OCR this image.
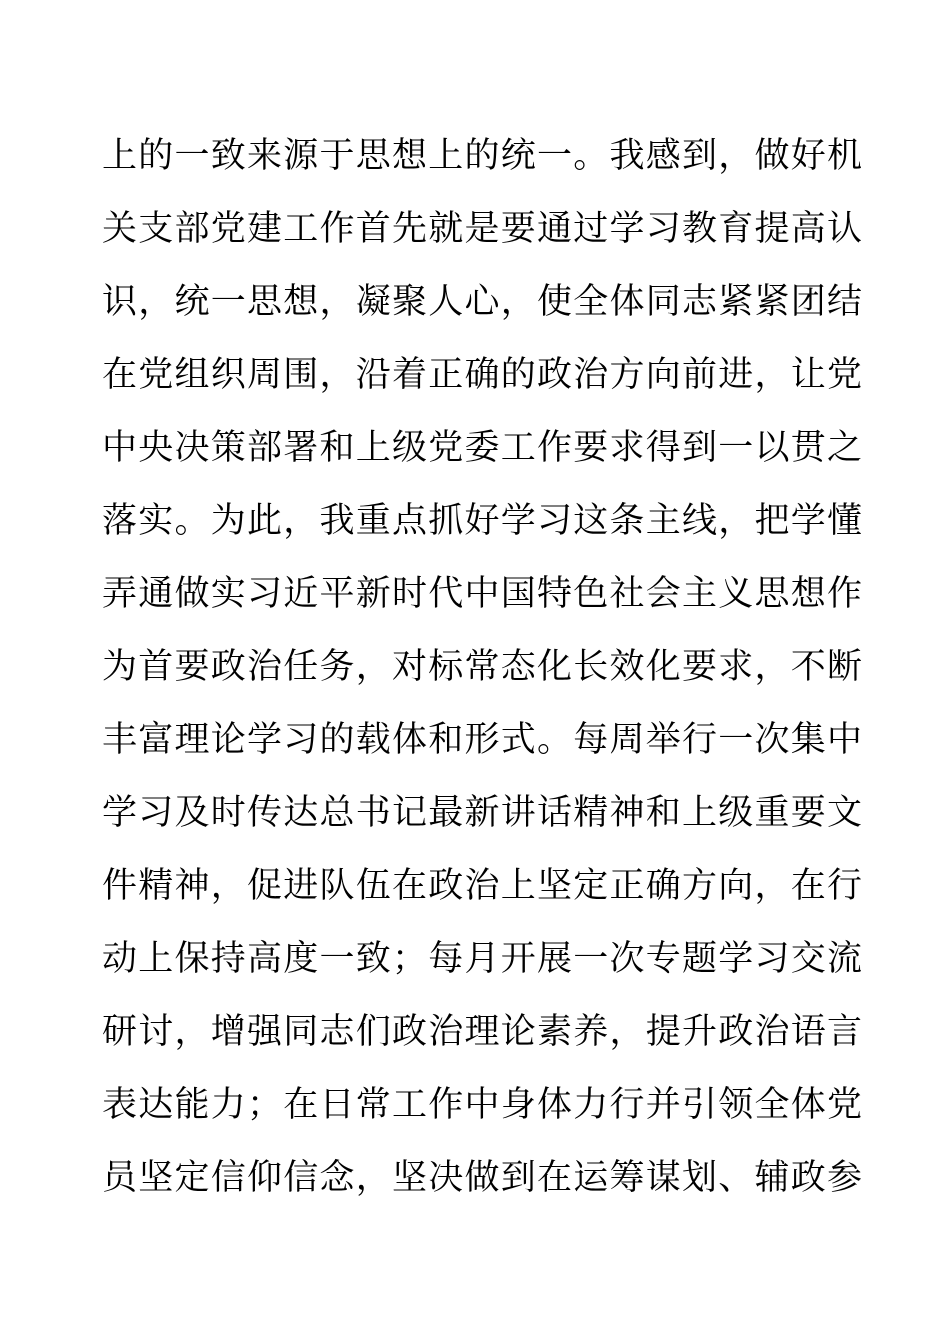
上的一致来源于思想上的统一。我感到，做好机
关支部党建工作首先就是要通过学习教育提高认
识，统一思想，凝聚人心，使全体同志紧紧团结
在党组织周围，沿着正确的政治方向前进，让党
中央决策部署和上级党委工作要求得到一以贯之
落实。为此，我重点抓好学习这条主线，把学懂
弄通做实习近平新时代中国特色社会主义思想作
为首要政治任务，对标常态化长效化要求，不断
丰富理论学习的载体和形式。每周举行一次集中
学习及时传达总书记最新讲话精神和上级重要文
件精神，促进队伍在政治上坚定正确方向，在行
动上保持高度一致；每月开展一次专题学习交流
研讨，增强同志们政治理论素养，提升政治语言
表达能力；在日常工作中身体力行并引领全体党
员坚定信仰信念，坚决做到在运筹谋划、辅政参
